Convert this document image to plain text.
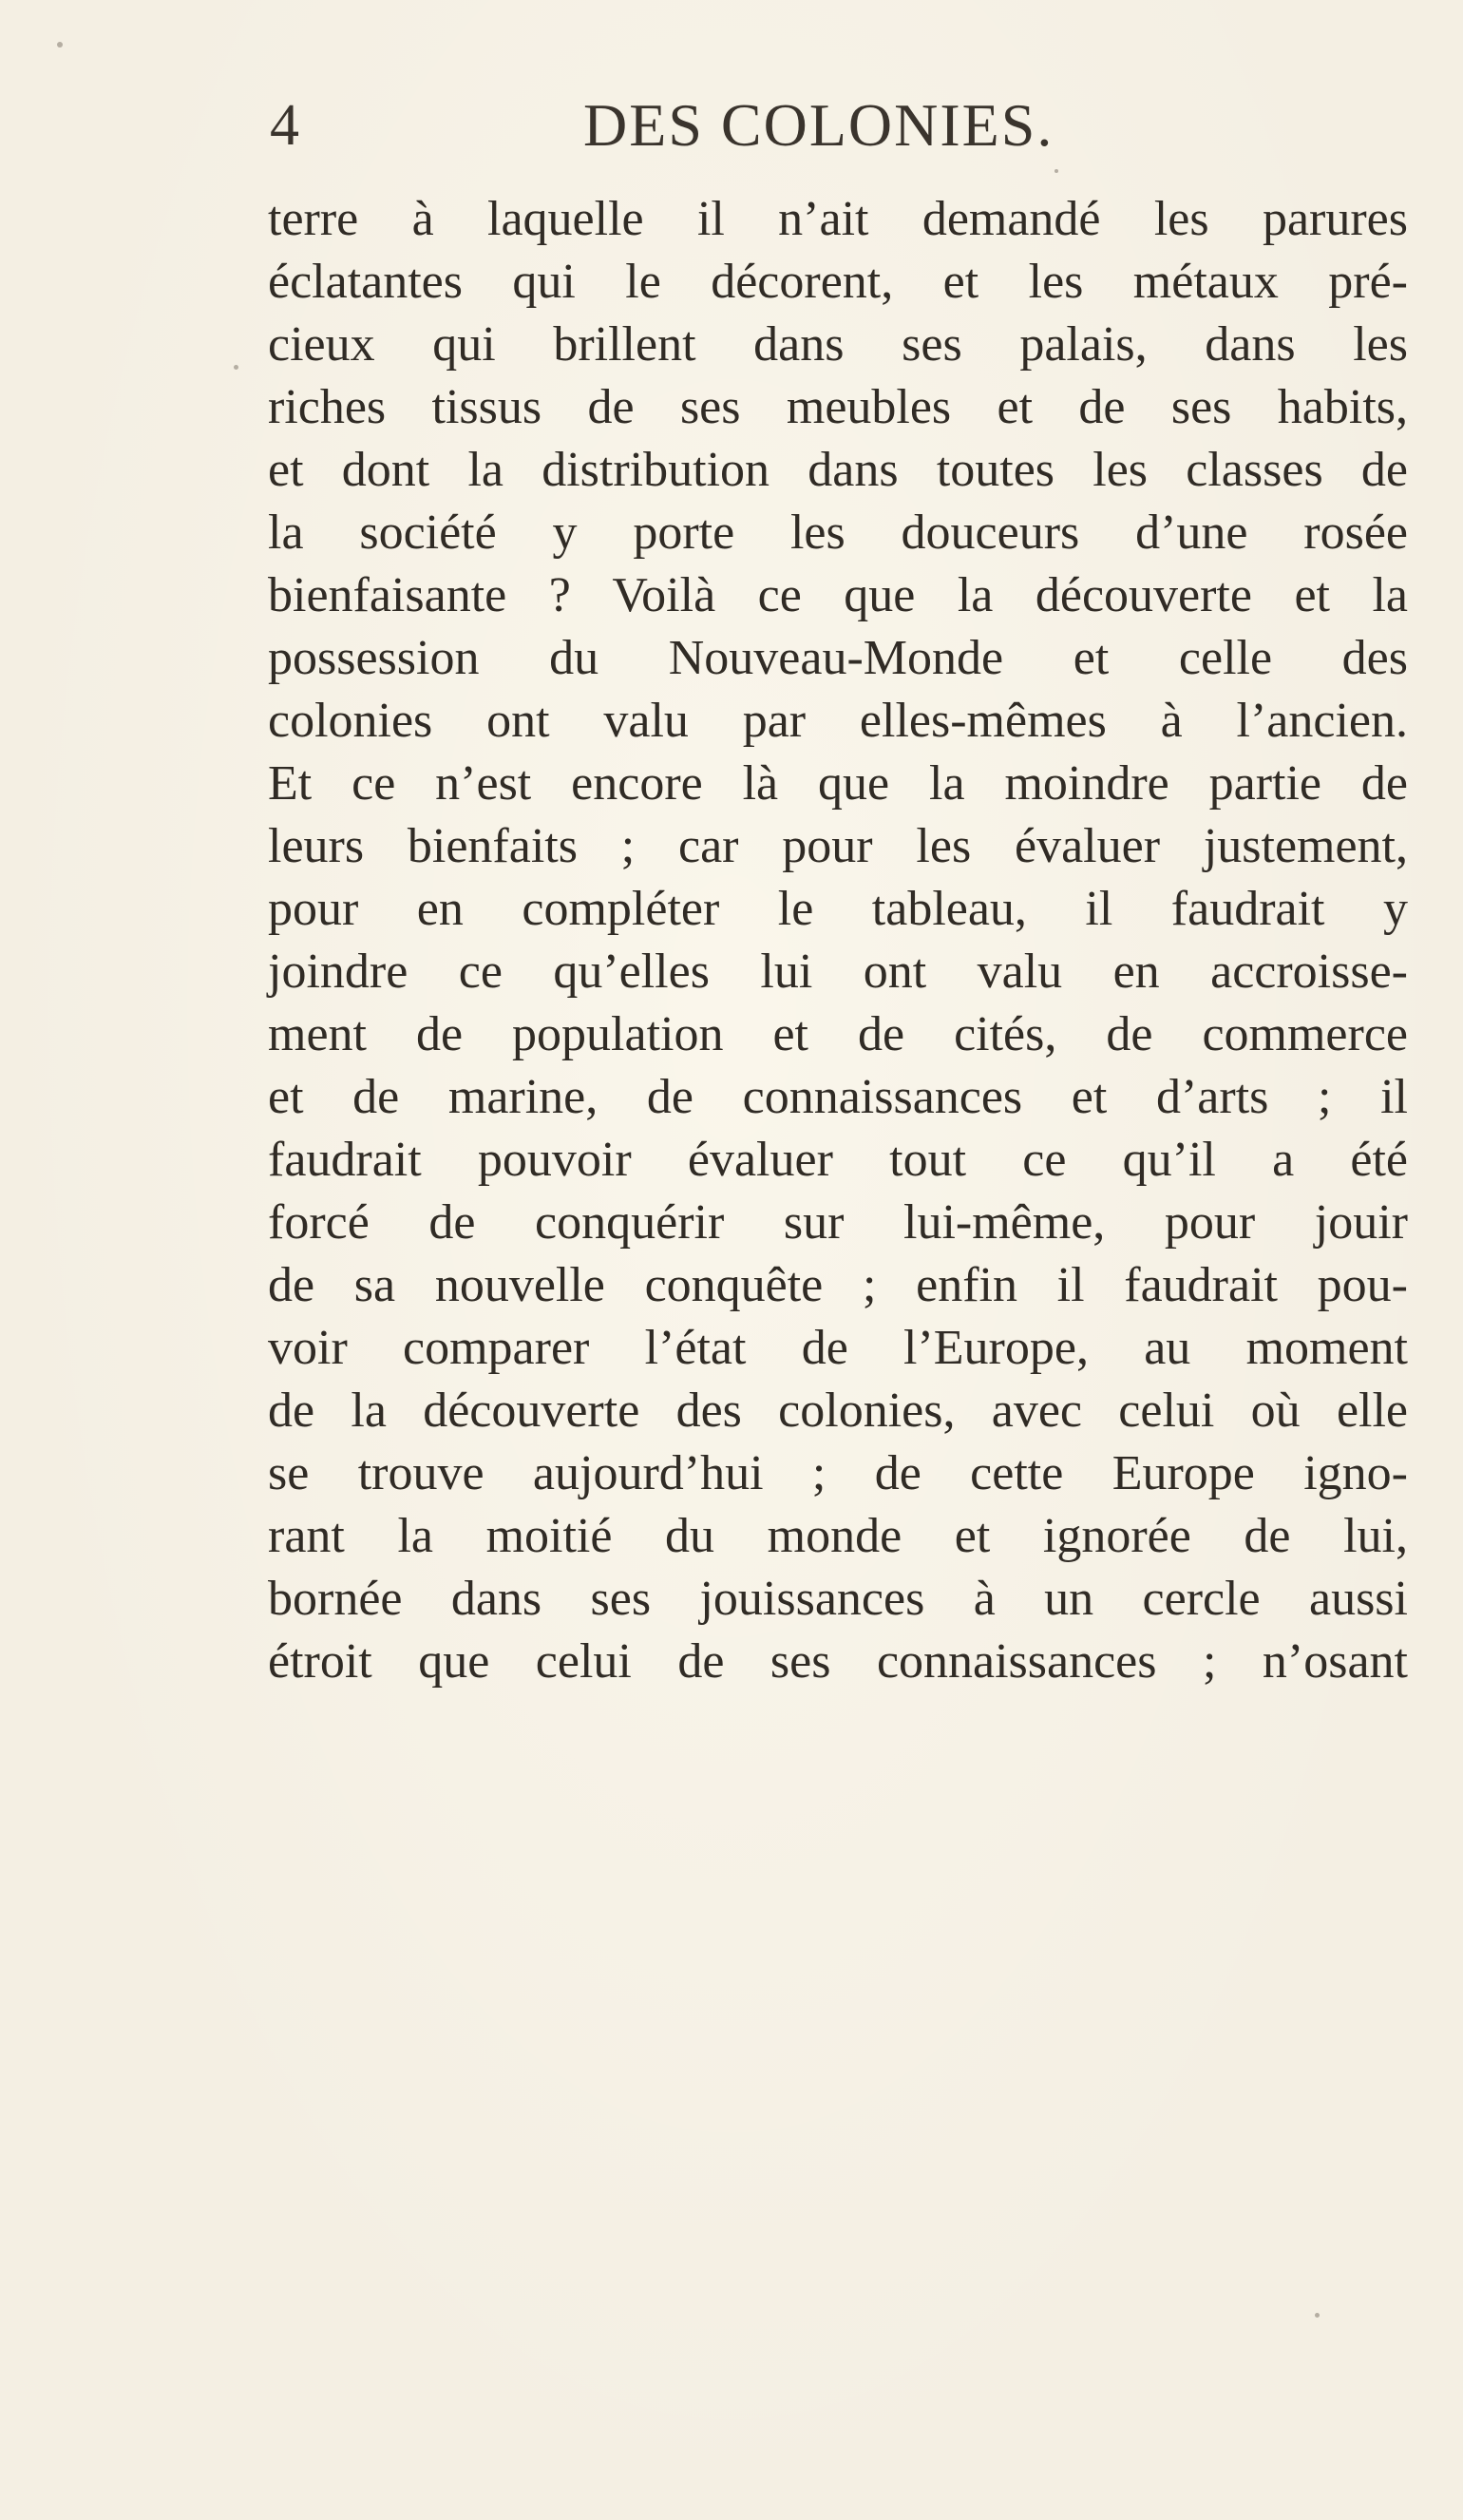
4	DES COLONIES.
terre à laquelle il n’ait demandé les parures
éclatantes qui le décorent, et les métaux pré-
cieux qui brillent dans ses palais, dans les
riches tissus de ses meubles et de ses habits,
et dont la distribution dans toutes les classes de
la société y porte les douceurs d’une rosée
bienfaisante ? Voilà ce que la découverte et la
possession du Nouveau-Monde et celle des
colonies ont valu par elles-mêmes à l’ancien.
Et ce n’est encore là que la moindre partie de
leurs bienfaits ; car pour les évaluer justement,
pour en compléter le tableau, il faudrait y
joindre ce qu’elles lui ont valu en accroisse-
ment de population et de cités, de commerce
et de marine, de connaissances et d’arts ; il
faudrait pouvoir évaluer tout ce qu’il a été
forcé de conquérir sur lui-même, pour jouir
de sa nouvelle conquête ; enfin il faudrait pou-
voir comparer l’état de l’Europe, au moment
de la découverte des colonies, avec celui où elle
se trouve aujourd’hui ; de cette Europe igno-
rant la moitié du monde et ignorée de lui,
bornée dans ses jouissances à un cercle aussi
étroit que celui de ses connaissances ; n’osant
